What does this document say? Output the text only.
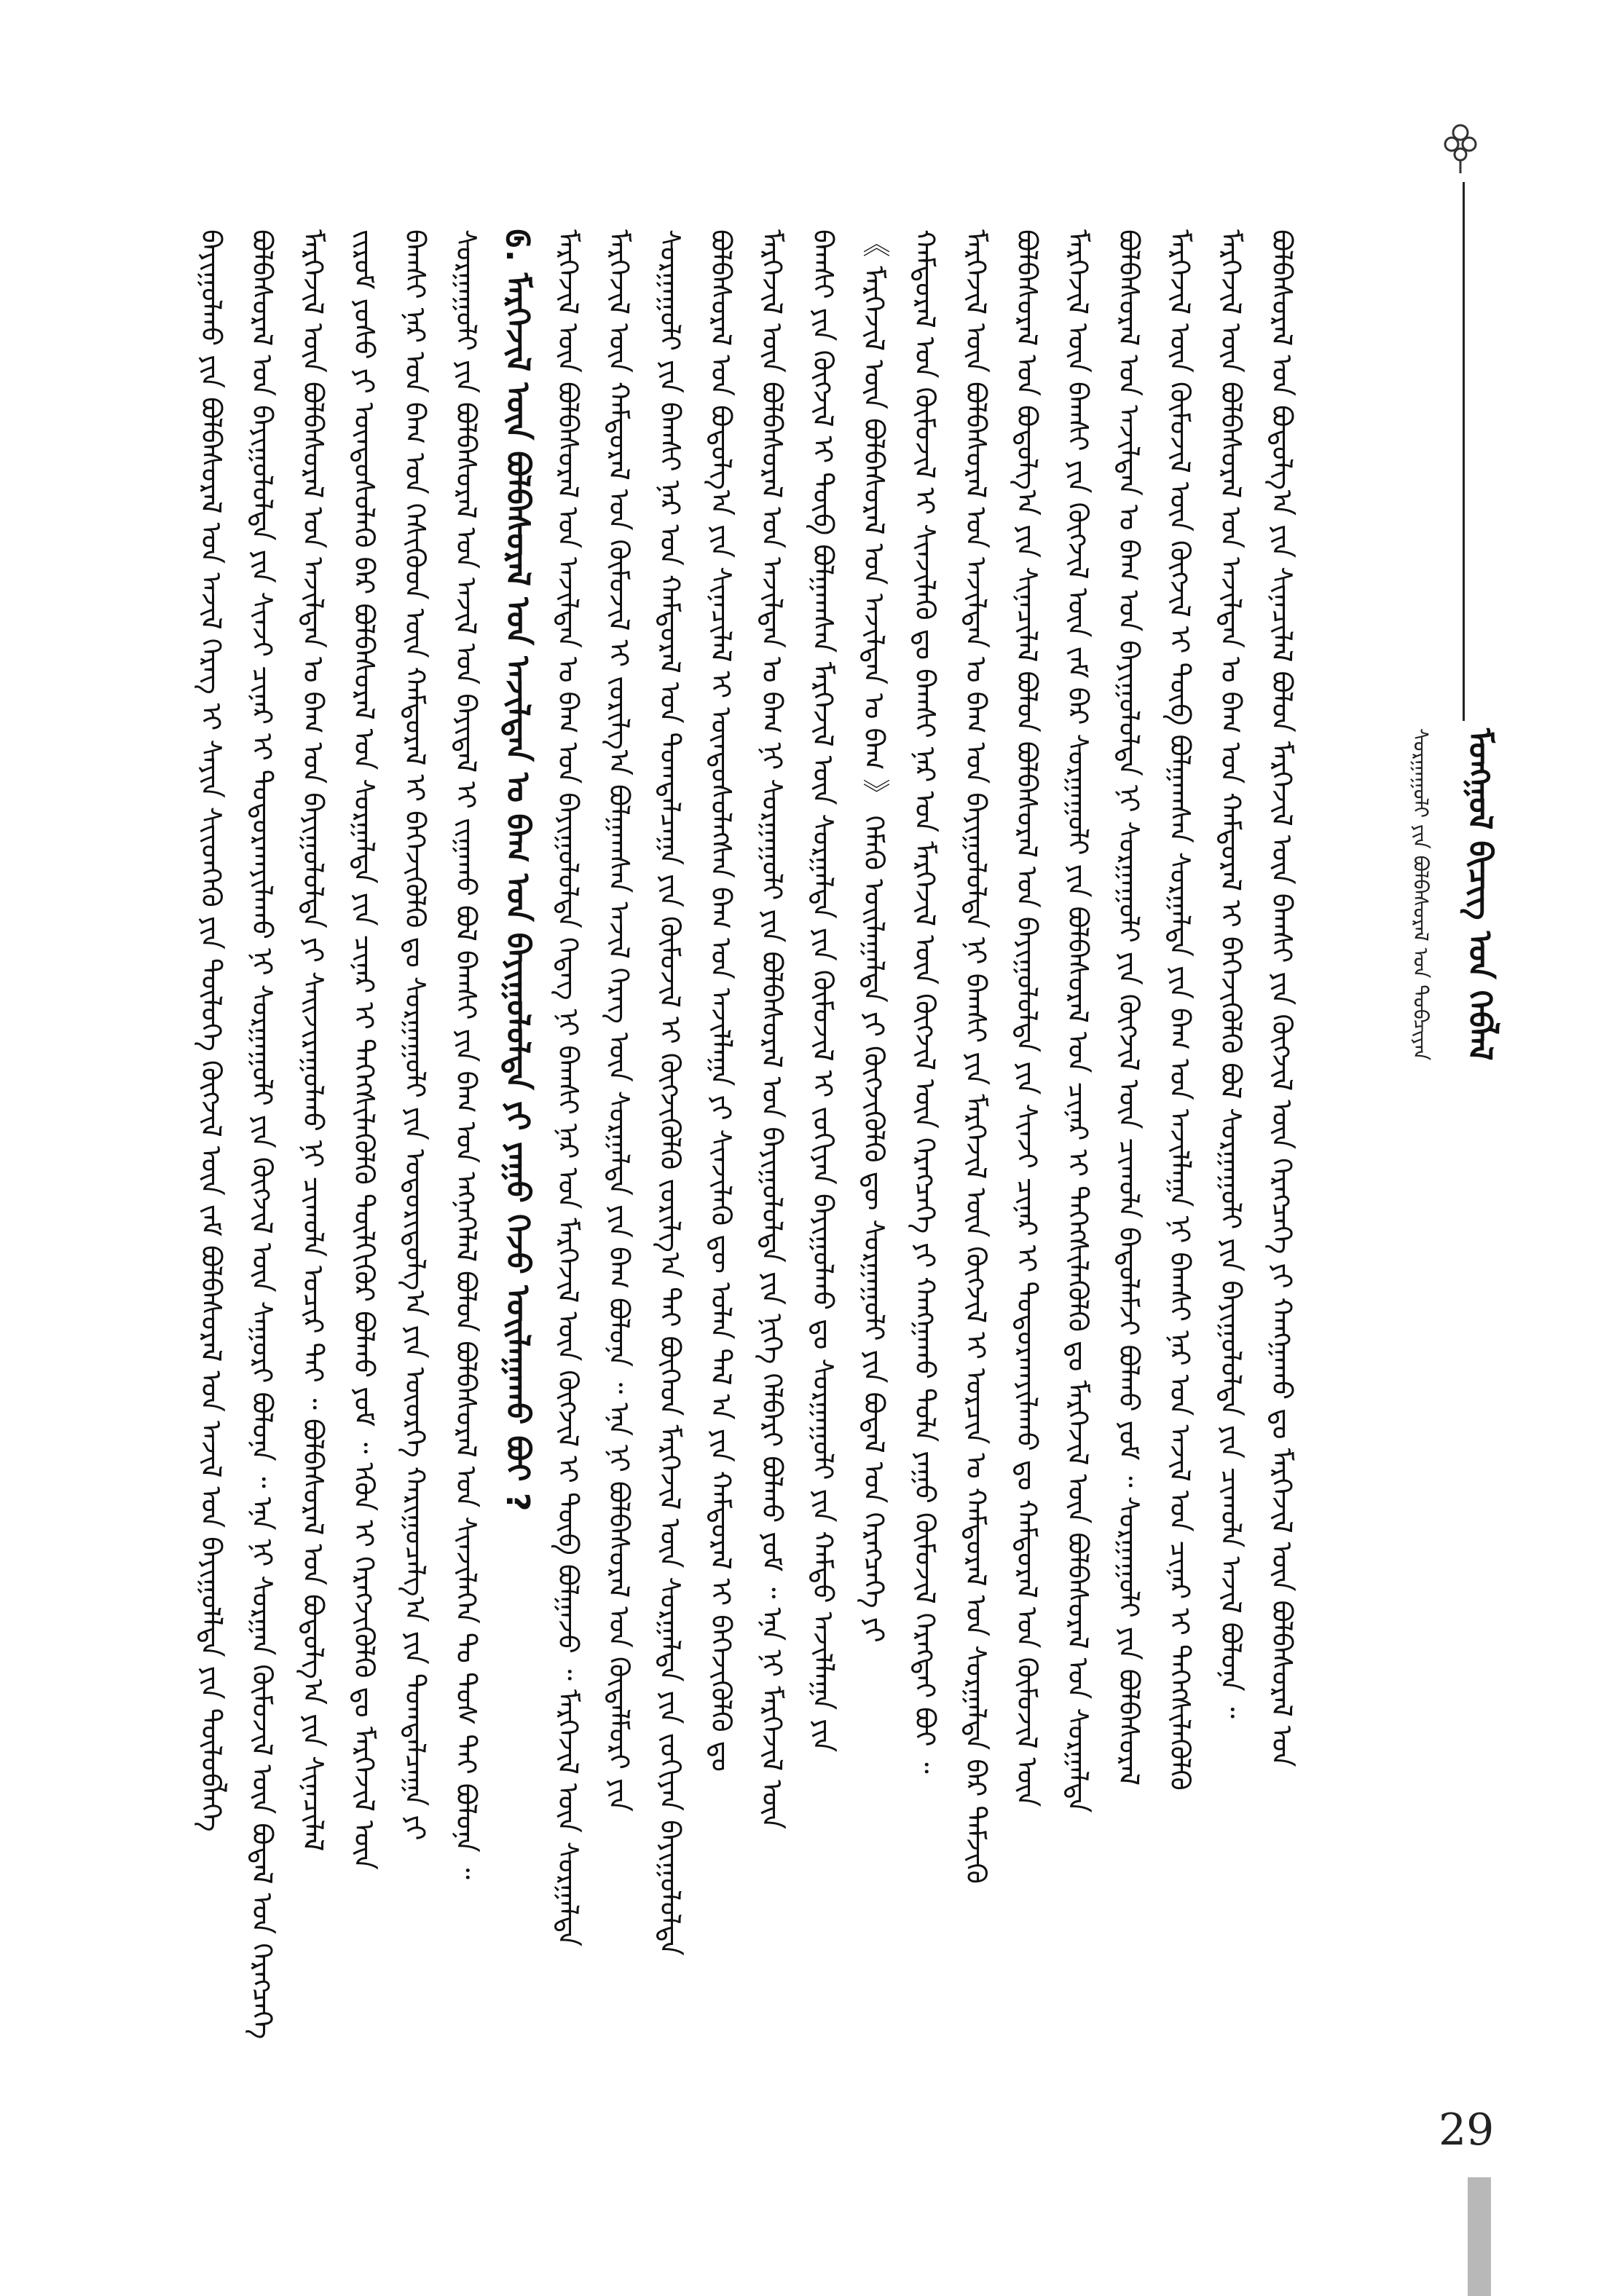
ᠮᠣᠩᠭᠣᠯ ᠪᠢᠴᠢᠭ ᠤᠨ ᠬᠡᠪᠯᠡᠯ
ᠰᠤᠷᠭᠠᠭᠤᠯᠢ ᠶᠢᠨ ᠪᠣᠯᠪᠠᠰᠤᠷᠠᠯ ᠤᠨ ᠲᠣᠪᠴᠢᠶᠠᠨ
ᠪᠠᠶᠢᠭᠤᠯᠬᠤ ᠶᠢᠨ ᠪᠣᠯᠪᠠᠰᠤᠷᠠᠯ ᠤᠨ ᠠᠵᠢᠯ ᠬᠡᠷᠡᠭ ᠢ ᠰᠠᠶᠢᠨ ᠰᠢᠢᠳᠬᠡᠬᠦ ᠶᠢᠨ ᠲᠥᠯᠥᠭᠡ ᠬᠥᠭᠵᠢᠯ ᠦᠨ ᠵᠠᠮ ᠪᠣᠯᠪᠠᠰᠤᠷᠠᠯ ᠤᠨ ᠠᠵᠢᠯ ᠤᠨ ᠪᠠᠶᠢᠭᠤᠯᠯᠲᠠ ᠶᠢᠨ ᠲᠥᠯᠥᠪᠯᠡᠭᠡ ᠪᠣᠯᠪᠠᠰᠤᠷᠠᠯ ᠤᠨ ᠪᠠᠶᠢᠭᠤᠯᠤᠯᠲᠠ ᠶᠢᠨ ᠰᠢᠨᠵᠢ ᠴᠢᠨᠠᠷ ᠢ ᠲᠣᠳᠣᠷᠬᠠᠶᠢᠯᠠᠬᠤ ᠨᠢ ᠰᠤᠷᠭᠠᠭᠤᠯᠢ ᠶᠢᠨ ᠬᠥᠭᠵᠢᠯ ᠦᠨ ᠰᠠᠭᠤᠷᠢ ᠪᠣᠯᠤᠨᠠ ᠃ ᠡᠨᠡ ᠨᠢ ᠰᠤᠷᠭᠠᠨ ᠬᠦᠮᠦᠵᠢᠯ ᠦᠨ ᠪᠣᠳᠠᠯ ᠤᠨ ᠬᠡᠷᠡᠭᠴᠡᠭᠡ ᠮᠡᠷᠭᠡᠵᠢᠯ ᠦᠨ ᠪᠣᠯᠪᠠᠰᠤᠷᠠᠯ ᠤᠨ ᠠᠵᠢᠯᠲᠠᠨ ᠤ ᠪᠠᠭ ᠤᠨ ᠪᠠᠶᠢᠭᠤᠯᠤᠯᠲᠠ ᠶᠢ ᠰᠠᠢᠵᠢᠷᠠᠭᠤᠯᠬᠤ ᠨᠢ ᠴᠢᠬᠤᠯᠠ ᠤᠴᠢᠷ ᠲᠠᠢ ᠃ ᠪᠣᠯᠪᠠᠰᠤᠷᠠᠯ ᠤᠨ ᠪᠣᠳᠤᠯᠭ᠎ᠠ ᠶᠢᠨ ᠰᠢᠨᠡᠴᠢᠯᠡᠯ ᠵᠢᠷᠤᠮ ᠶᠣᠰᠣ ᠶᠢ ᠦᠨᠳᠦᠰᠦᠯᠡᠬᠦ ᠪᠡᠷ ᠪᠣᠯᠪᠠᠰᠤᠷᠠᠯ ᠤᠨ ᠰᠤᠷᠭᠠᠯᠲᠠ ᠶᠢᠨ ᠴᠢᠨᠠᠷ ᠢ ᠳᠡᠭᠡᠭᠰᠢᠯᠡᠭᠦᠯᠬᠦ ᠲᠦᠯᠬᠢᠭᠦᠷ ᠪᠣᠯᠬᠤ ᠶᠤᠮ ᠃ ᠡᠭᠦᠨ ᠢ ᠬᠡᠷᠡᠭᠵᠢᠭᠦᠯᠬᠦ ᠳᠤ ᠮᠡᠷᠭᠡᠵᠢᠯ ᠦᠨ ᠪᠠᠭᠰᠢ ᠨᠠᠷ ᠤᠨ ᠪᠠᠭ ᠤᠨ ᠭᠡᠰᠢᠭᠦᠳ ᠦᠨ ᠬᠠᠮᠲᠤᠷᠠᠯ ᠢ ᠪᠡᠭᠡᠵᠢᠭᠦᠯᠬᠦ ᠳᠤ ᠰᠤᠷᠭᠠᠭᠤᠯᠢ ᠶᠢᠨ ᠤᠳᠤᠷᠢᠳᠤᠯᠭ᠎ᠠ ᠶᠢᠨ ᠦᠦᠷᠭᠡ ᠬᠠᠷᠢᠭᠤᠴᠠᠯᠭ᠎ᠠ ᠶᠢᠨ ᠲᠣᠭᠲᠠᠯᠴᠠᠭᠠ ᠶᠢ ᠰᠤᠷᠭᠠᠭᠤᠯᠢ ᠶᠢᠨ ᠪᠣᠯᠪᠠᠰᠤᠷᠠᠯ ᠤᠨ ᠠᠵᠢᠯ ᠤᠨ ᠪᠠᠶᠢᠳᠠᠯ ᠢ ᠵᠢᠭᠠᠬᠤ ᠪᠣᠯ ᠪᠠᠭᠰᠢ ᠶᠢᠨ ᠪᠠᠭ ᠤᠨ ᠡᠩᠨᠡᠭᠡᠯᠡᠯ ᠪᠣᠯᠤᠨ ᠪᠣᠯᠪᠠᠰᠤᠷᠠᠯ ᠤᠨ ᠰᠢᠨᠵᠢᠯᠡᠭᠡᠨ ᠲᠤ ᠲᠤᠰ ᠲᠠᠢ ᠪᠣᠯᠤᠨᠠ ᠃ ᠖. ᠮᠡᠷᠭᠡᠵᠢᠯ ᠦᠨ ᠪᠣᠯᠪᠠᠰᠤᠷᠠᠯ ᠤᠨ ᠠᠵᠢᠯᠲᠠᠨ ᠤ ᠪᠠᠭ ᠤᠨ ᠪᠠᠶᠢᠭᠤᠯᠤᠯᠲᠠ ᠶᠢ ᠶᠠᠭᠤ ᠭᠡᠵᠦ ᠣᠢᠯᠠᠭᠠᠬᠤ ᠪᠤᠢ ? ᠮᠡᠷᠭᠡᠵᠢᠯ ᠦᠨ ᠪᠣᠯᠪᠠᠰᠤᠷᠠᠯ ᠤᠨ ᠠᠵᠢᠯᠲᠠᠨ ᠤ ᠪᠠᠭ ᠤᠨ ᠪᠠᠶᠢᠭᠤᠯᠤᠯᠲᠠ ᠭᠡᠳᠡᠭ ᠨᠢ ᠪᠠᠭᠰᠢ ᠨᠠᠷ ᠤᠨ ᠮᠡᠷᠭᠡᠵᠢᠯ ᠦᠨ ᠬᠥᠭᠵᠢᠯ ᠢ ᠲᠥᠪ ᠪᠣᠯᠭᠠᠵᠤ ᠃ ᠮᠡᠷᠭᠡᠵᠢᠯ ᠦᠨ ᠰᠤᠷᠭᠠᠯᠲᠠ ᠮᠡᠷᠭᠡᠵᠢᠯ ᠦᠨ ᠬᠠᠮᠲᠤᠷᠠᠯ ᠤᠨ ᠬᠦᠮᠦᠵᠢᠯ ᠢ ᠵᠣᠷᠢᠯᠭ᠎ᠠ ᠪᠣᠯᠭᠠᠭᠰᠠᠨ ᠠᠵᠢᠯ ᠬᠡᠷᠡᠭ ᠦᠨ ᠰᠤᠷᠭᠠᠯᠲᠠ ᠶᠢᠨ ᠪᠠᠭ ᠪᠣᠯᠤᠨᠠ ᠃ ᠡᠨᠡ ᠨᠢ ᠪᠣᠯᠪᠠᠰᠤᠷᠠᠯ ᠤᠨ ᠬᠦᠳᠡᠯᠮᠦᠷᠢ ᠶᠢᠨ ᠰᠤᠷᠭᠠᠭᠤᠯᠢ ᠶᠢᠨ ᠪᠠᠭᠰᠢ ᠨᠠᠷ ᠤᠨ ᠬᠠᠮᠲᠤᠷᠠᠯ ᠤᠨ ᠲᠣᠭᠲᠠᠯᠴᠠᠭᠠ ᠶᠢᠨ ᠬᠦᠮᠦᠵᠢᠯ ᠢ ᠬᠥᠭᠵᠢᠭᠦᠯᠬᠦ ᠵᠣᠷᠢᠯᠭ᠎ᠠ ᠲᠠᠢ ᠪᠥᠭᠡᠳ ᠮᠡᠷᠭᠡᠵᠢᠯ ᠦᠨ ᠰᠤᠷᠭᠠᠯᠲᠠ ᠶᠢᠨ ᠵᠣᠬᠢᠶᠠᠨ ᠪᠠᠶᠢᠭᠤᠯᠤᠯᠲᠠ ᠪᠣᠯᠪᠠᠰᠤᠷᠠᠯ ᠤᠨ ᠪᠣᠳᠤᠯᠭ᠎ᠠ ᠶᠢᠨ ᠰᠢᠨᠡᠴᠢᠯᠡᠯ ᠢ ᠦᠨᠳᠦᠰᠦᠯᠡᠭᠰᠡᠨ ᠪᠠᠭ ᠤᠨ ᠠᠵᠢᠯᠯᠠᠭᠠ ᠶᠢ ᠰᠢᠨᠵᠢᠯᠡᠬᠦ ᠳᠦ ᠣᠯᠠᠨ ᠲᠠᠯ ᠠ ᠶᠢᠨ ᠬᠠᠮᠲᠤᠷᠠᠯ ᠢ ᠪᠡᠭᠡᠵᠢᠭᠦᠯᠬᠦ ᠳᠤ ᠮᠡᠷᠭᠡᠵᠢᠯ ᠦᠨ ᠪᠣᠯᠪᠠᠰᠤᠷᠠᠯ ᠤᠨ ᠠᠵᠢᠯᠲᠠᠨ ᠤ ᠪᠠᠭ ᠨᠢ ᠰᠤᠷᠭᠠᠭᠤᠯᠢ ᠶᠢᠨ ᠪᠣᠯᠪᠠᠰᠤᠷᠠᠯ ᠤᠨ ᠪᠠᠶᠢᠭᠤᠯᠤᠯᠲᠠ ᠶᠢᠨ ᠨᠢᠭᠡ ᠬᠡᠯᠪᠡᠷᠢ ᠪᠣᠯᠬᠤ ᠶᠤᠮ ᠃ ᠡᠨᠡ ᠨᠢ ᠮᠡᠷᠭᠡᠵᠢᠯ ᠦᠨ ᠪᠠᠭᠰᠢ ᠶᠢᠨ ᠬᠥᠭᠵᠢᠯ ᠢ ᠲᠥᠪ ᠪᠣᠯᠭᠠᠭᠰᠠᠨ ᠮᠡᠷᠭᠡᠵᠢᠯ ᠦᠨ ᠰᠤᠷᠭᠠᠯᠲᠠ ᠶᠢᠨ ᠬᠦᠮᠦᠵᠢᠯ ᠢ ᠵᠣᠬᠢᠶᠠᠨ ᠪᠠᠶᠢᠭᠤᠯᠬᠤ ᠳᠤ ᠰᠤᠷᠭᠠᠭᠤᠯᠢ ᠶᠢᠨ ᠬᠠᠮᠲᠤ ᠠᠵᠢᠯᠯᠠᠭᠠ ᠶᠢᠨ 《 ᠮᠡᠷᠭᠡᠵᠢᠯ ᠦᠨ ᠪᠣᠯᠪᠠᠰᠤᠷᠠᠯ ᠤᠨ ᠠᠵᠢᠯᠲᠠᠨ ᠤ ᠪᠠᠭ 》 ᠬᠡᠮᠡᠬᠦ ᠣᠢᠯᠠᠭᠠᠯᠲᠠ ᠶᠢ ᠬᠥᠭᠵᠢᠭᠦᠯᠬᠦ ᠳᠦ ᠰᠤᠷᠭᠠᠭᠤᠯᠢ ᠶᠢᠨ ᠪᠣᠳᠠᠯ ᠤᠨ ᠬᠡᠷᠡᠭᠴᠡᠭᠡ ᠶᠢ ᠬᠠᠮᠲᠤᠷᠠᠯ ᠤᠨ ᠬᠦᠮᠦᠵᠢᠯ ᠢ ᠰᠢᠨᠵᠢᠯᠡᠬᠦ ᠳᠤ ᠪᠠᠭᠰᠢ ᠨᠠᠷ ᠤᠨ ᠮᠡᠷᠭᠡᠵᠢᠯ ᠦᠨ ᠬᠥᠭᠵᠢᠯ ᠦᠨ ᠬᠡᠷᠡᠭᠴᠡᠭᠡ ᠶᠢ ᠬᠠᠩᠭᠠᠬᠤ ᠲᠤᠯᠠ ᠶᠠᠭᠤ ᠬᠦᠮᠦᠵᠢᠯ ᠬᠡᠷᠡᠭᠲᠡᠢ ᠪᠤᠢ ᠃ ᠮᠡᠷᠭᠡᠵᠢᠯ ᠦᠨ ᠪᠣᠯᠪᠠᠰᠤᠷᠠᠯ ᠤᠨ ᠠᠵᠢᠯᠲᠠᠨ ᠤ ᠪᠠᠭ ᠤᠨ ᠪᠠᠶᠢᠭᠤᠯᠤᠯᠲᠠ ᠨᠢ ᠪᠠᠭᠰᠢ ᠶᠢᠨ ᠮᠡᠷᠭᠡᠵᠢᠯ ᠦᠨ ᠬᠥᠭᠵᠢᠯ ᠢ ᠣᠷᠴᠢᠨ ᠤ ᠬᠠᠮᠲᠤᠷᠠᠯ ᠤᠨ ᠰᠤᠷᠭᠠᠯᠲᠠ ᠪᠠᠷ ᠳᠡᠮᠵᠢᠬᠦ ᠪᠣᠯᠪᠠᠰᠤᠷᠠᠯ ᠤᠨ ᠪᠣᠳᠤᠯᠭ᠎ᠠ ᠶᠢᠨ ᠰᠢᠨᠡᠴᠢᠯᠡᠯ ᠪᠣᠯᠤᠨ ᠪᠣᠯᠪᠠᠰᠤᠷᠠᠯ ᠤᠨ ᠪᠠᠶᠢᠭᠤᠯᠤᠯᠲᠠ ᠶᠢᠨ ᠰᠢᠨᠵᠢ ᠴᠢᠨᠠᠷ ᠢ ᠲᠣᠳᠣᠷᠬᠠᠶᠢᠯᠠᠬᠤ ᠳᠤ ᠬᠠᠮᠲᠤᠷᠠᠯ ᠤᠨ ᠬᠦᠮᠦᠵᠢᠯ ᠦᠨ ᠮᠡᠷᠭᠡᠵᠢᠯ ᠦᠨ ᠪᠠᠭᠰᠢ ᠶᠢᠨ ᠬᠥᠭᠵᠢᠯ ᠦᠨ ᠵᠠᠮ ᠪᠠᠷ ᠰᠤᠷᠭᠠᠭᠤᠯᠢ ᠶᠢᠨ ᠪᠣᠯᠪᠠᠰᠤᠷᠠᠯ ᠤᠨ ᠴᠢᠨᠠᠷ ᠢ ᠳᠡᠭᠡᠭᠰᠢᠯᠡᠭᠦᠯᠬᠦ ᠳᠤ ᠮᠡᠷᠭᠡᠵᠢᠯ ᠦᠨ ᠪᠣᠯᠪᠠᠰᠤᠷᠠᠯ ᠤᠨ ᠰᠤᠷᠭᠠᠯᠲᠠ ᠪᠣᠯᠪᠠᠰᠤᠷᠠᠯ ᠤᠨ ᠠᠵᠢᠯᠲᠠᠨ ᠤ ᠪᠠᠭ ᠤᠨ ᠪᠠᠶᠢᠭᠤᠯᠤᠯᠲᠠ ᠨᠢ ᠰᠤᠷᠭᠠᠭᠤᠯᠢ ᠶᠢᠨ ᠬᠥᠭᠵᠢᠯ ᠦᠨ ᠴᠢᠬᠤᠯᠠ ᠪᠠᠲᠤᠯᠠᠮᠵᠢ ᠪᠣᠯᠬᠤ ᠶᠤᠮ ᠃ ᠰᠤᠷᠭᠠᠭᠤᠯᠢ ᠶᠢᠨ ᠪᠣᠯᠪᠠᠰᠤᠷᠠᠯ ᠮᠡᠷᠭᠡᠵᠢᠯ ᠦᠨ ᠬᠦᠮᠦᠵᠢᠯ ᠦᠨ ᠬᠥᠭᠵᠢᠯ ᠢ ᠲᠥᠪ ᠪᠣᠯᠭᠠᠭᠰᠠᠨ ᠰᠤᠷᠭᠠᠯᠲᠠ ᠶᠢᠨ ᠪᠠᠭ ᠤᠨ ᠠᠵᠢᠯᠯᠠᠭᠠ ᠨᠢ ᠪᠠᠭᠰᠢ ᠨᠠᠷ ᠤᠨ ᠠᠵᠢᠯ ᠤᠨ ᠴᠢᠨᠠᠷ ᠢ ᠳᠡᠭᠡᠭᠰᠢᠯᠡᠭᠦᠯᠬᠦ ᠮᠡᠷᠭᠡᠵᠢᠯ ᠦᠨ ᠪᠣᠯᠪᠠᠰᠤᠷᠠᠯ ᠤᠨ ᠠᠵᠢᠯᠲᠠᠨ ᠤ ᠪᠠᠭ ᠤᠨ ᠬᠠᠮᠲᠤᠷᠠᠯ ᠢ ᠪᠡᠭᠡᠵᠢᠭᠦᠯᠬᠦ ᠪᠣᠯ ᠰᠤᠷᠭᠠᠭᠤᠯᠢ ᠶᠢᠨ ᠪᠠᠶᠢᠭᠤᠯᠤᠯᠲᠠ ᠶᠢᠨ ᠴᠢᠬᠤᠯᠠ ᠠᠵᠢᠯ ᠪᠣᠯᠤᠨᠠ ᠃ ᠪᠣᠯᠪᠠᠰᠤᠷᠠᠯ ᠤᠨ ᠪᠣᠳᠤᠯᠭ᠎ᠠ ᠶᠢᠨ ᠰᠢᠨᠡᠴᠢᠯᠡᠯ ᠪᠣᠯᠤᠨ ᠮᠡᠷᠭᠡᠵᠢᠯ ᠦᠨ ᠪᠠᠭᠰᠢ ᠶᠢᠨ ᠬᠥᠭᠵᠢᠯ ᠦᠨ ᠬᠡᠷᠡᠭᠴᠡᠭᠡ ᠶᠢ ᠬᠠᠩᠭᠠᠬᠤ ᠳᠤ ᠮᠡᠷᠭᠡᠵᠢᠯ ᠦᠨ ᠪᠣᠯᠪᠠᠰᠤᠷᠠᠯ ᠤᠨ
29
